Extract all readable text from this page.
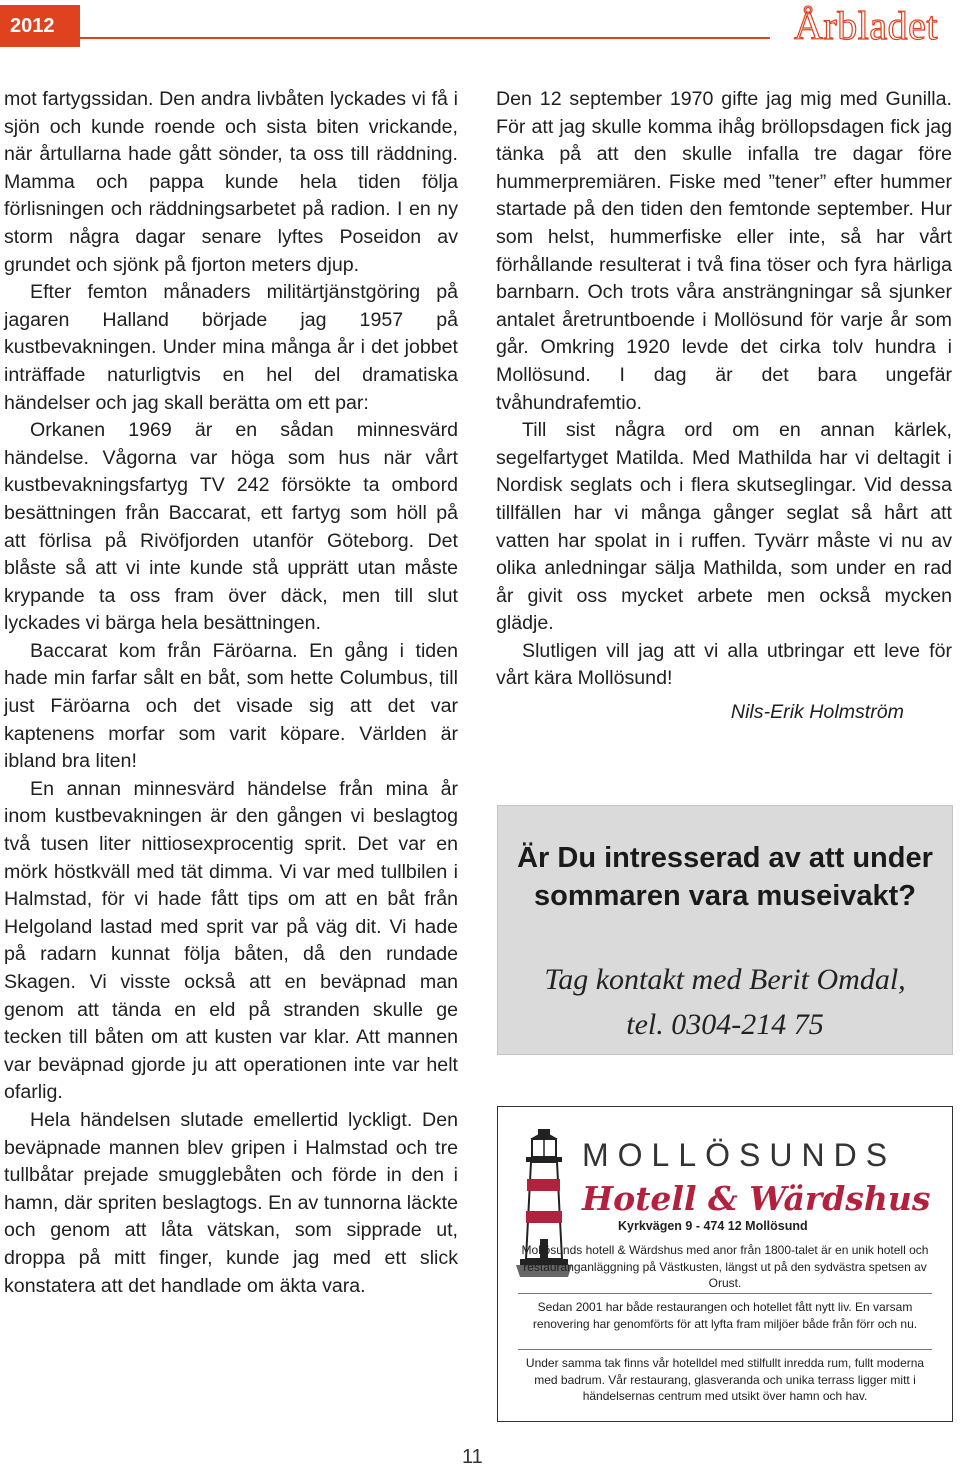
2012	Årbladet

mot fartygssidan. Den andra livbåten lyckades vi få i sjön och kunde roende och sista biten vrickande, när årtullarna hade gått sönder, ta oss till räddning. Mamma och pappa kunde hela tiden följa förlisningen och räddningsarbetet på radion. I en ny storm några dagar senare lyftes Poseidon av grundet och sjönk på fjorton meters djup.

Efter femton månaders militärtjänstgöring på jagaren Halland började jag 1957 på kustbevakningen. Under mina många år i det jobbet inträffade naturligtvis en hel del dramatiska händelser och jag skall berätta om ett par:

Orkanen 1969 är en sådan minnesvärd händelse. Vågorna var höga som hus när vårt kustbevakningsfartyg TV 242 försökte ta ombord besättningen från Baccarat, ett fartyg som höll på att förlisa på Rivöfjorden utanför Göteborg. Det blåste så att vi inte kunde stå upprätt utan måste krypande ta oss fram över däck, men till slut lyckades vi bärga hela besättningen.

Baccarat kom från Färöarna. En gång i tiden hade min farfar sålt en båt, som hette Columbus, till just Färöarna och det visade sig att det var kaptenens morfar som varit köpare. Världen är ibland bra liten!

En annan minnesvärd händelse från mina år inom kustbevakningen är den gången vi beslagtog två tusen liter nittiosexprocentig sprit. Det var en mörk höstkväll med tät dimma. Vi var med tullbilen i Halmstad, för vi hade fått tips om att en båt från Helgoland lastad med sprit var på väg dit. Vi hade på radarn kunnat följa båten, då den rundade Skagen. Vi visste också att en beväpnad man genom att tända en eld på stranden skulle ge tecken till båten om att kusten var klar. Att mannen var beväpnad gjorde ju att operationen inte var helt ofarlig.

Hela händelsen slutade emellertid lyckligt. Den beväpnade mannen blev gripen i Halmstad och tre tullbåtar prejade smugglebåten och förde in den i hamn, där spriten beslagtogs. En av tunnorna läckte och genom att låta vätskan, som sipprade ut, droppa på mitt finger, kunde jag med ett slick konstatera att det handlade om äkta vara.

Den 12 september 1970 gifte jag mig med Gunilla. För att jag skulle komma ihåg bröllopsdagen fick jag tänka på att den skulle infalla tre dagar före hummerpremiären. Fiske med ”tener” efter hummer startade på den tiden den femtonde september. Hur som helst, hummerfiske eller inte, så har vårt förhållande resulterat i två fina töser och fyra härliga barnbarn. Och trots våra ansträngningar så sjunker antalet åretruntboende i Mollösund för varje år som går. Omkring 1920 levde det cirka tolv hundra i Mollösund. I dag är det bara ungefär tvåhundrafemtio.

Till sist några ord om en annan kärlek, segelfartyget Matilda. Med Mathilda har vi deltagit i Nordisk seglats och i flera skutseglingar. Vid dessa tillfällen har vi många gånger seglat så hårt att vatten har spolat in i ruffen. Tyvärr måste vi nu av olika anledningar sälja Mathilda, som under en rad år givit oss mycket arbete men också mycken glädje.

Slutligen vill jag att vi alla utbringar ett leve för vårt kära Mollösund!

Nils-Erik Holmström

Är Du intresserad av att under sommaren vara museivakt?
Tag kontakt med Berit Omdal,
tel. 0304-214 75
MOLLÖSUNDS
Hotell & Wärdshus
Kyrkvägen 9 - 474 12 Mollösund

Mollösunds hotell & Wärdshus med anor från 1800-talet är en unik hotell och restauranganläggning på Västkusten, längst ut på den sydvästra spetsen av Orust.

Sedan 2001 har både restaurangen och hotellet fått nytt liv. En varsam renovering har genomförts för att lyfta fram miljöer både från förr och nu.

Under samma tak finns vår hotelldel med stilfullt inredda rum, fullt moderna med badrum. Vår restaurang, glasveranda och unika terrass ligger mitt i händelsernas centrum med utsikt över hamn och hav.

11
